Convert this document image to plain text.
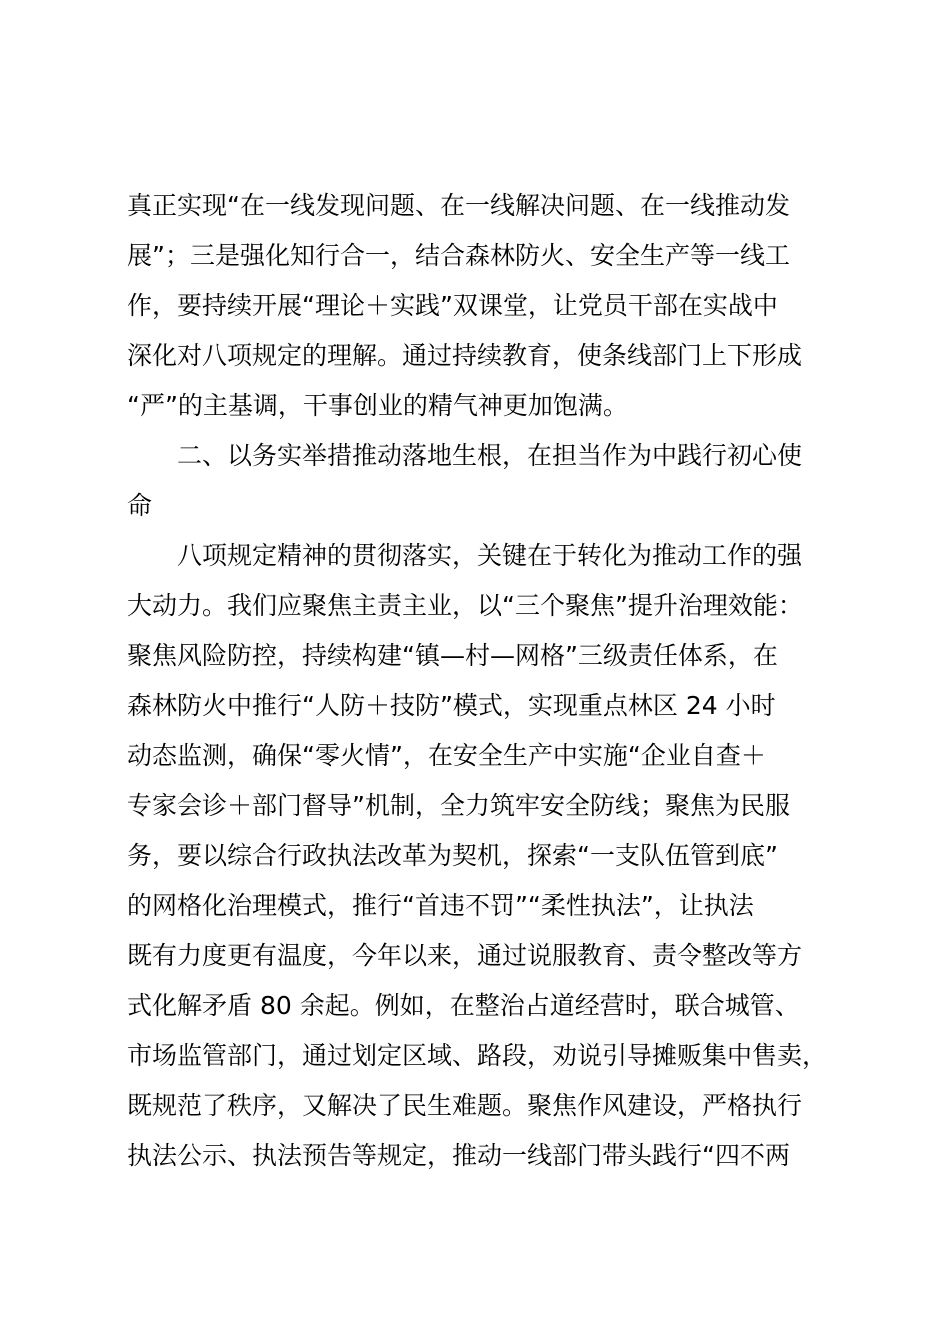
真正实现“在一线发现问题、在一线解决问题、在一线推动发
展”；三是强化知行合一，结合森林防火、安全生产等一线工
作，要持续开展“理论＋实践”双课堂，让党员干部在实战中
深化对八项规定的理解。通过持续教育，使条线部门上下形成
“严”的主基调，干事创业的精气神更加饱满。
二、以务实举措推动落地生根，在担当作为中践行初心使
命
八项规定精神的贯彻落实，关键在于转化为推动工作的强
大动力。我们应聚焦主责主业，以“三个聚焦”提升治理效能：
聚焦风险防控，持续构建“镇—村—网格”三级责任体系，在
森林防火中推行“人防＋技防”模式，实现重点林区 24 小时
动态监测，确保“零火情”，在安全生产中实施“企业自查＋
专家会诊＋部门督导”机制，全力筑牢安全防线；聚焦为民服
务，要以综合行政执法改革为契机，探索“一支队伍管到底”
的网格化治理模式，推行“首违不罚”“柔性执法”，让执法
既有力度更有温度，今年以来，通过说服教育、责令整改等方
式化解矛盾 80 余起。例如，在整治占道经营时，联合城管、
市场监管部门，通过划定区域、路段，劝说引导摊贩集中售卖，
既规范了秩序，又解决了民生难题。聚焦作风建设，严格执行
执法公示、执法预告等规定，推动一线部门带头践行“四不两
